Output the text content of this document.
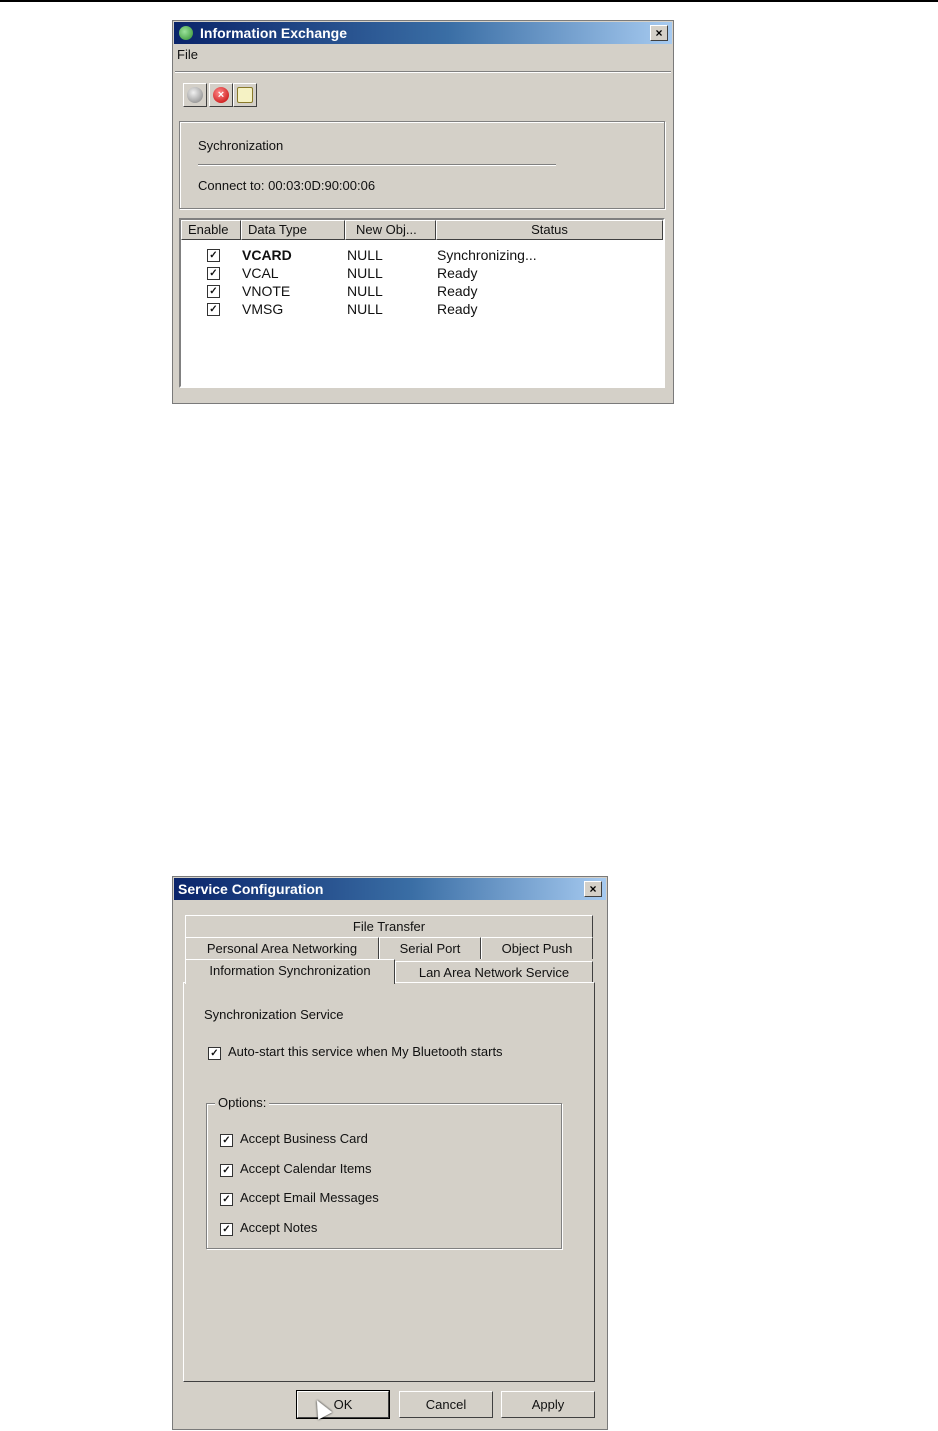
Information Exchange	×
File
×
Sychronization
Connect to: 00:03:0D:90:00:06
Enable	Data Type	New Obj...	Status
✓ VCARD	NULL	Synchronizing...
✓ VCAL	NULL	Ready
✓ VNOTE	NULL	Ready
✓ VMSG	NULL	Ready
Service Configuration	×
File Transfer
Personal Area Networking	Serial Port	Object Push
Information Synchronization	Lan Area Network Service
Synchronization Service
✓ Auto-start this service when My Bluetooth starts
Options:
✓ Accept Business Card
✓ Accept Calendar Items
✓ Accept Email Messages
✓ Accept Notes
OK	Cancel	Apply
